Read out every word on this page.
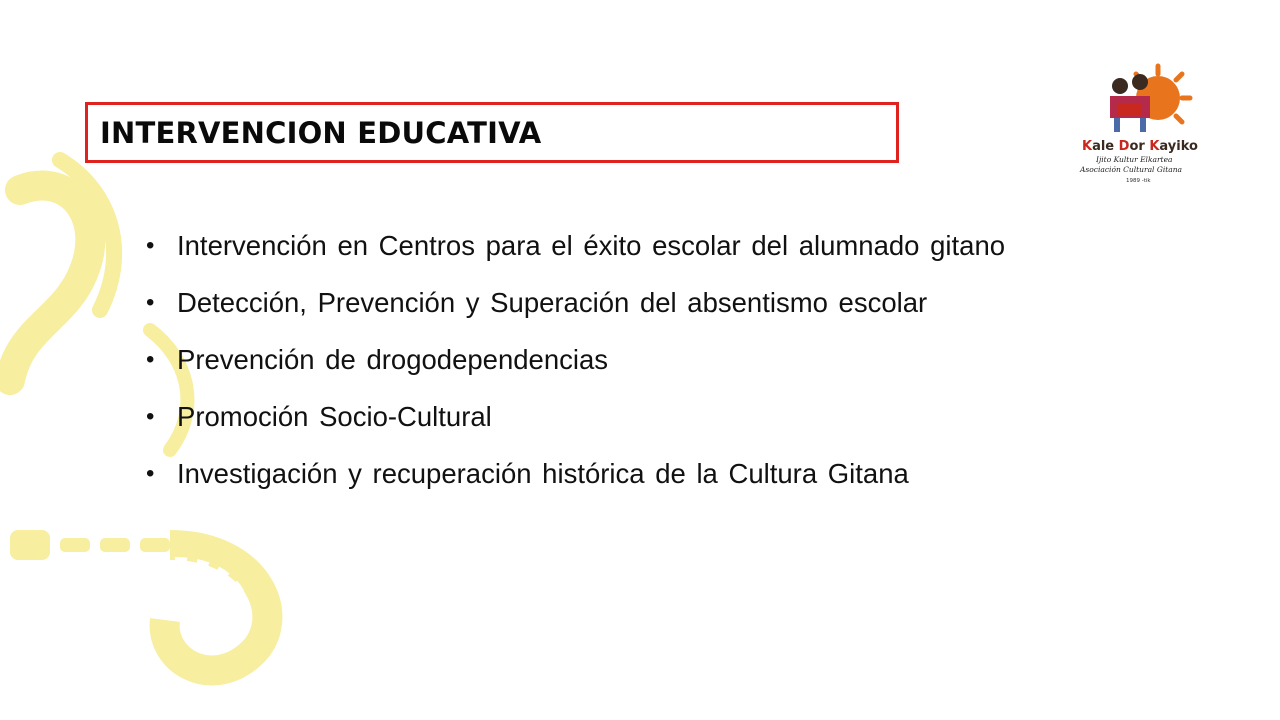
INTERVENCION EDUCATIVA	Kale Dor Kayiko
Ijito Kultur Elkartea
Asociación Cultural Gitana
1989 -tik
• Intervención en Centros para el éxito escolar del alumnado gitano
• Detección, Prevención y Superación del absentismo escolar
• Prevención de drogodependencias
• Promoción Socio-Cultural
• Investigación y recuperación histórica de la Cultura Gitana
